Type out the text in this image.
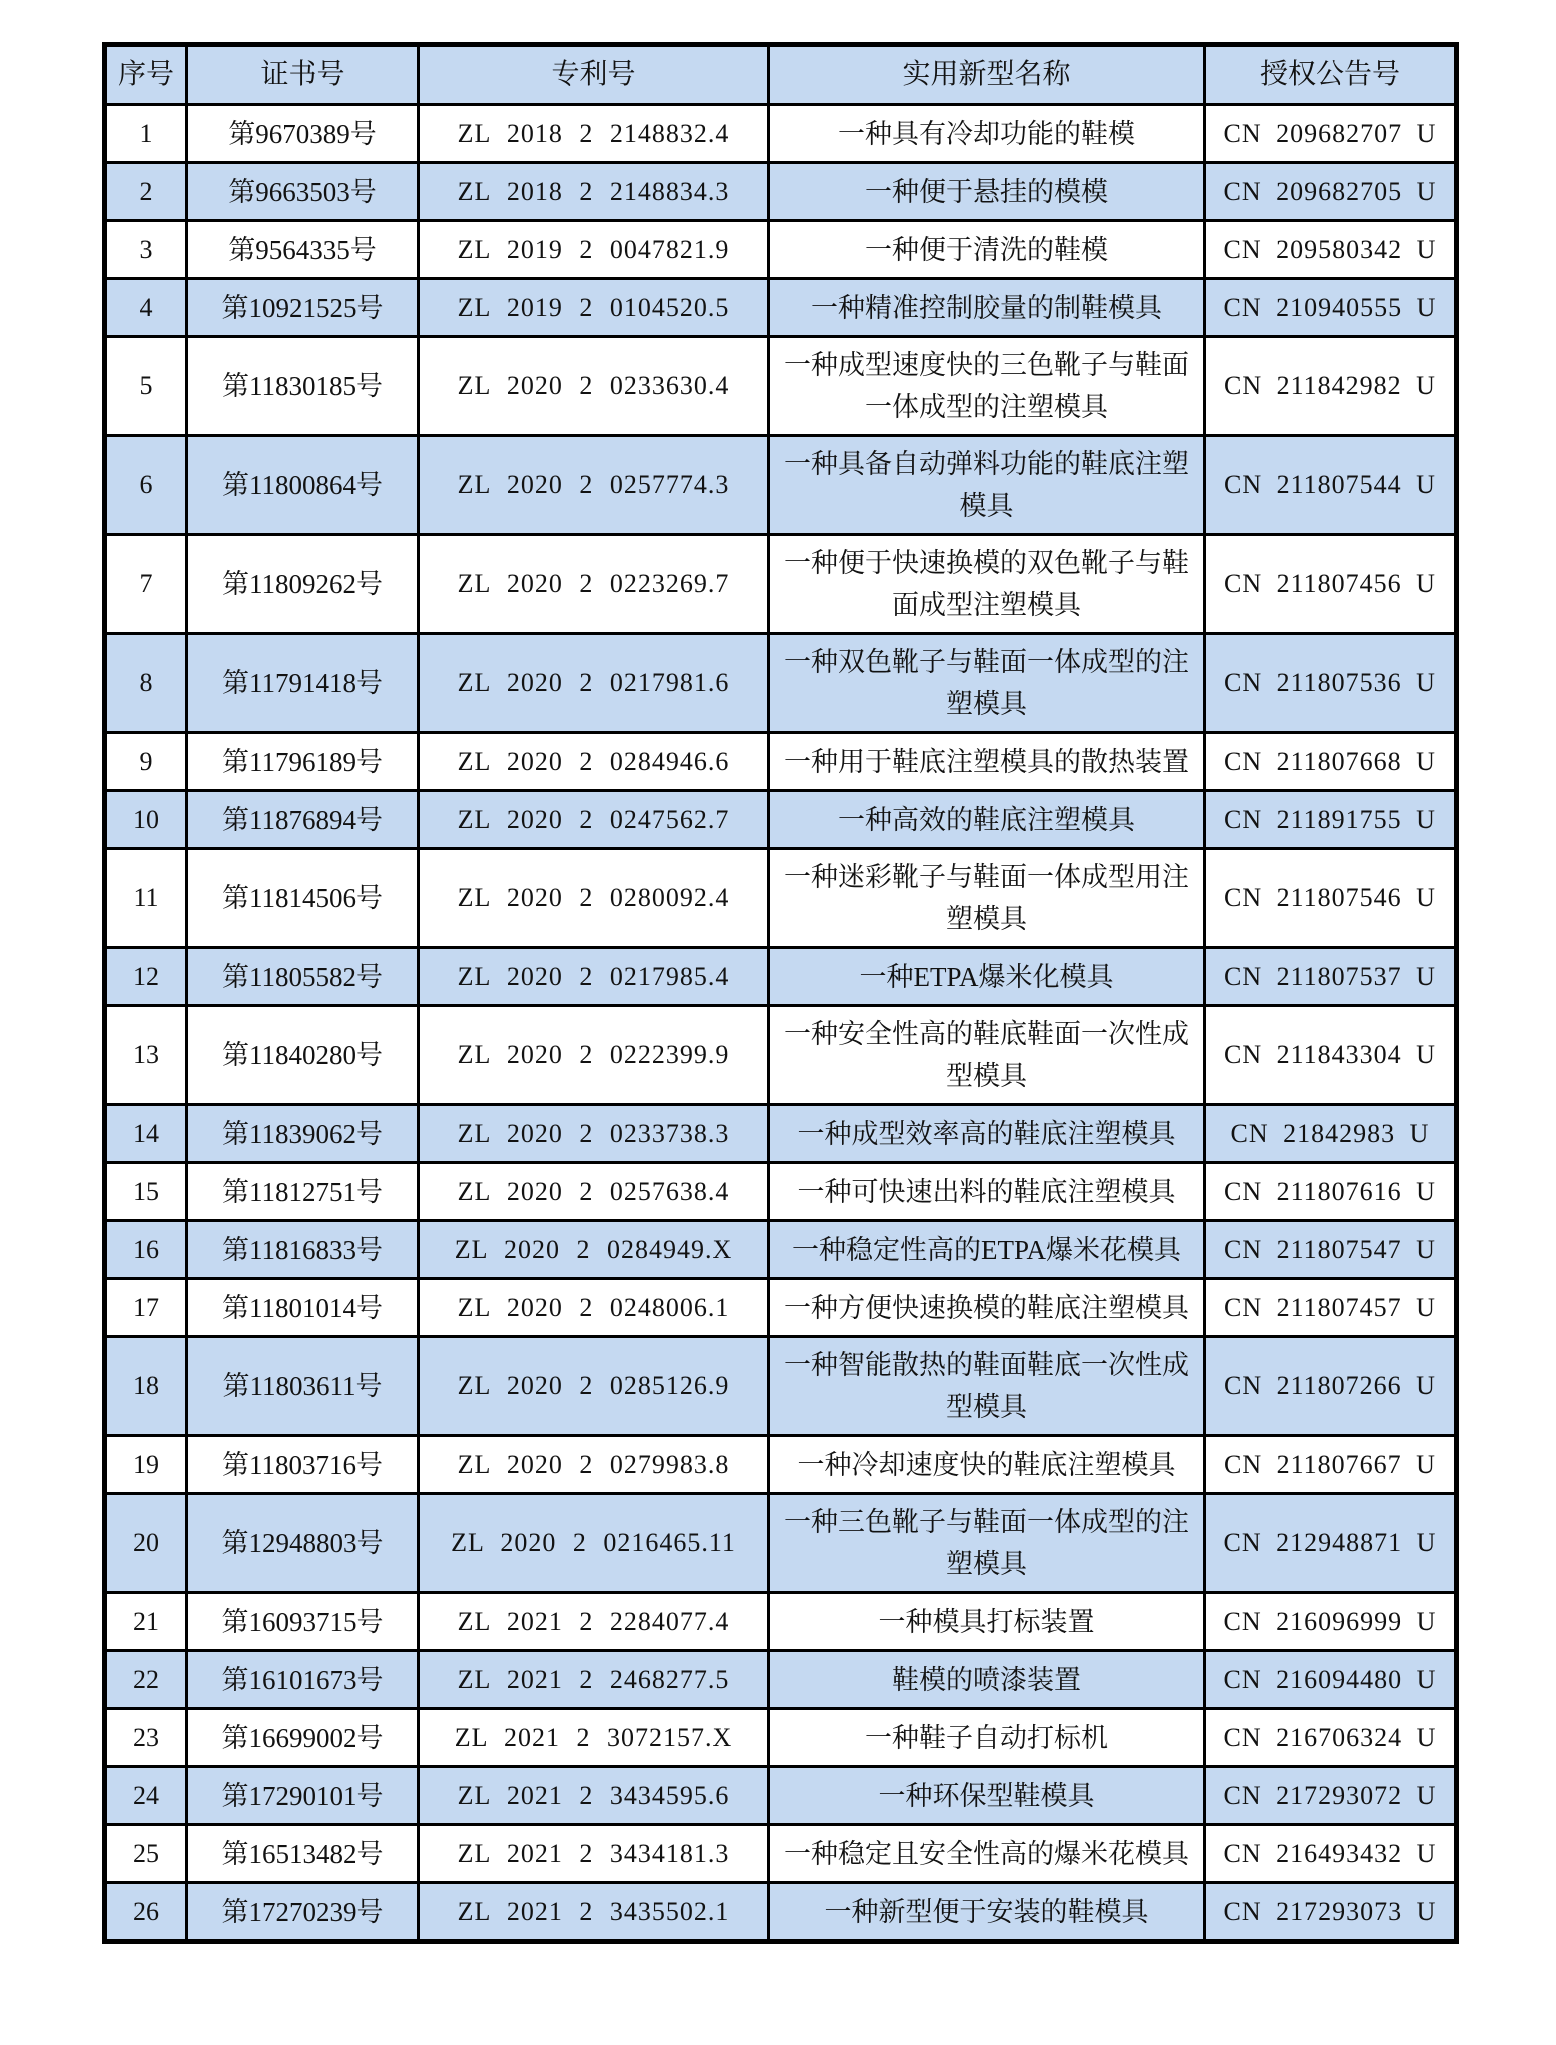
序号	证书号	专利号	实用新型名称	授权公告号
1	第9670389号	ZL 2018 2 2148832.4	一种具有冷却功能的鞋模	CN 209682707 U
2	第9663503号	ZL 2018 2 2148834.3	一种便于悬挂的模模	CN 209682705 U
3	第9564335号	ZL 2019 2 0047821.9	一种便于清洗的鞋模	CN 209580342 U
4	第10921525号	ZL 2019 2 0104520.5	一种精准控制胶量的制鞋模具	CN 210940555 U
5	第11830185号	ZL 2020 2 0233630.4	一种成型速度快的三色靴子与鞋面一体成型的注塑模具	CN 211842982 U
6	第11800864号	ZL 2020 2 0257774.3	一种具备自动弹料功能的鞋底注塑模具	CN 211807544 U
7	第11809262号	ZL 2020 2 0223269.7	一种便于快速换模的双色靴子与鞋面成型注塑模具	CN 211807456 U
8	第11791418号	ZL 2020 2 0217981.6	一种双色靴子与鞋面一体成型的注塑模具	CN 211807536 U
9	第11796189号	ZL 2020 2 0284946.6	一种用于鞋底注塑模具的散热装置	CN 211807668 U
10	第11876894号	ZL 2020 2 0247562.7	一种高效的鞋底注塑模具	CN 211891755 U
11	第11814506号	ZL 2020 2 0280092.4	一种迷彩靴子与鞋面一体成型用注塑模具	CN 211807546 U
12	第11805582号	ZL 2020 2 0217985.4	一种ETPA爆米化模具	CN 211807537 U
13	第11840280号	ZL 2020 2 0222399.9	一种安全性高的鞋底鞋面一次性成型模具	CN 211843304 U
14	第11839062号	ZL 2020 2 0233738.3	一种成型效率高的鞋底注塑模具	CN 21842983 U
15	第11812751号	ZL 2020 2 0257638.4	一种可快速出料的鞋底注塑模具	CN 211807616 U
16	第11816833号	ZL 2020 2 0284949.X	一种稳定性高的ETPA爆米花模具	CN 211807547 U
17	第11801014号	ZL 2020 2 0248006.1	一种方便快速换模的鞋底注塑模具	CN 211807457 U
18	第11803611号	ZL 2020 2 0285126.9	一种智能散热的鞋面鞋底一次性成型模具	CN 211807266 U
19	第11803716号	ZL 2020 2 0279983.8	一种冷却速度快的鞋底注塑模具	CN 211807667 U
20	第12948803号	ZL 2020 2 0216465.11	一种三色靴子与鞋面一体成型的注塑模具	CN 212948871 U
21	第16093715号	ZL 2021 2 2284077.4	一种模具打标装置	CN 216096999 U
22	第16101673号	ZL 2021 2 2468277.5	鞋模的喷漆装置	CN 216094480 U
23	第16699002号	ZL 2021 2 3072157.X	一种鞋子自动打标机	CN 216706324 U
24	第17290101号	ZL 2021 2 3434595.6	一种环保型鞋模具	CN 217293072 U
25	第16513482号	ZL 2021 2 3434181.3	一种稳定且安全性高的爆米花模具	CN 216493432 U
26	第17270239号	ZL 2021 2 3435502.1	一种新型便于安装的鞋模具	CN 217293073 U
